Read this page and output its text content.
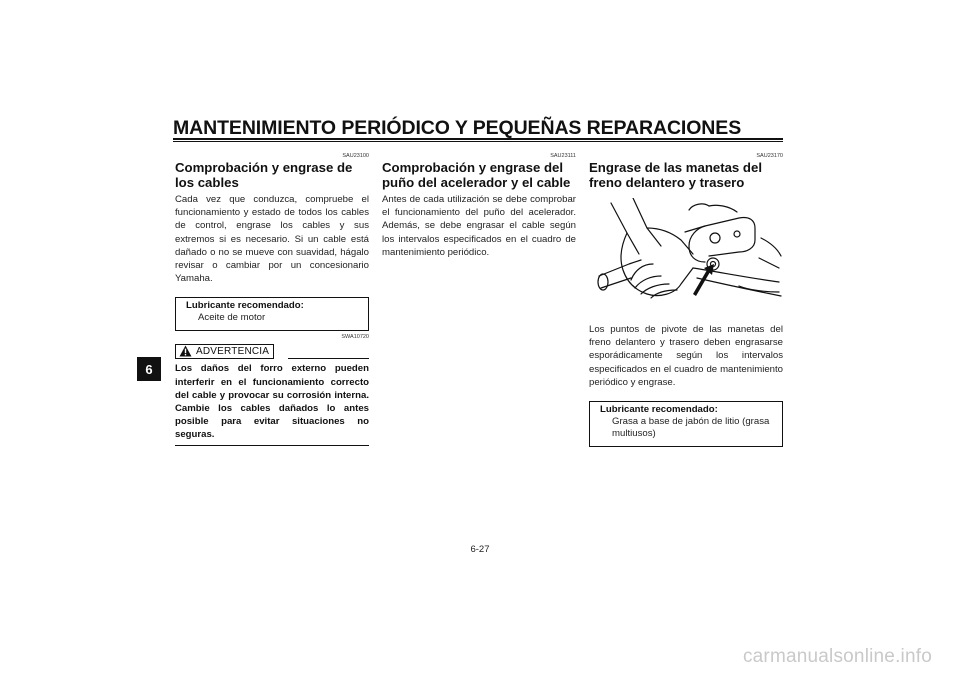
MANTENIMIENTO PERIÓDICO Y PEQUEÑAS REPARACIONES
6
SAU23100
Comprobación y engrase de los cables
Cada vez que conduzca, compruebe el funcionamiento y estado de todos los cables de control, engrase los cables y sus extremos si es necesario. Si un cable está dañado o no se mueve con suavidad, hágalo revisar o cambiar por un concesionario Yamaha.
Lubricante recomendado:
Aceite de motor
ADVERTENCIA
SWA10720
Los daños del forro externo pueden interferir en el funcionamiento correcto del cable y provocar su corrosión interna. Cambie los cables dañados lo antes posible para evitar situaciones no seguras.
SAU23111
Comprobación y engrase del puño del acelerador y el cable
Antes de cada utilización se debe comprobar el funcionamiento del puño del acelerador. Además, se debe engrasar el cable según los intervalos especificados en el cuadro de mantenimiento periódico.
SAU23170
Engrase de las manetas del freno delantero y trasero
Los puntos de pivote de las manetas del freno delantero y trasero deben engrasarse esporádicamente según los intervalos especificados en el cuadro de mantenimiento periódico y engrase.
Lubricante recomendado:
Grasa a base de jabón de litio (grasa multiusos)
6-27
carmanualsonline.info
